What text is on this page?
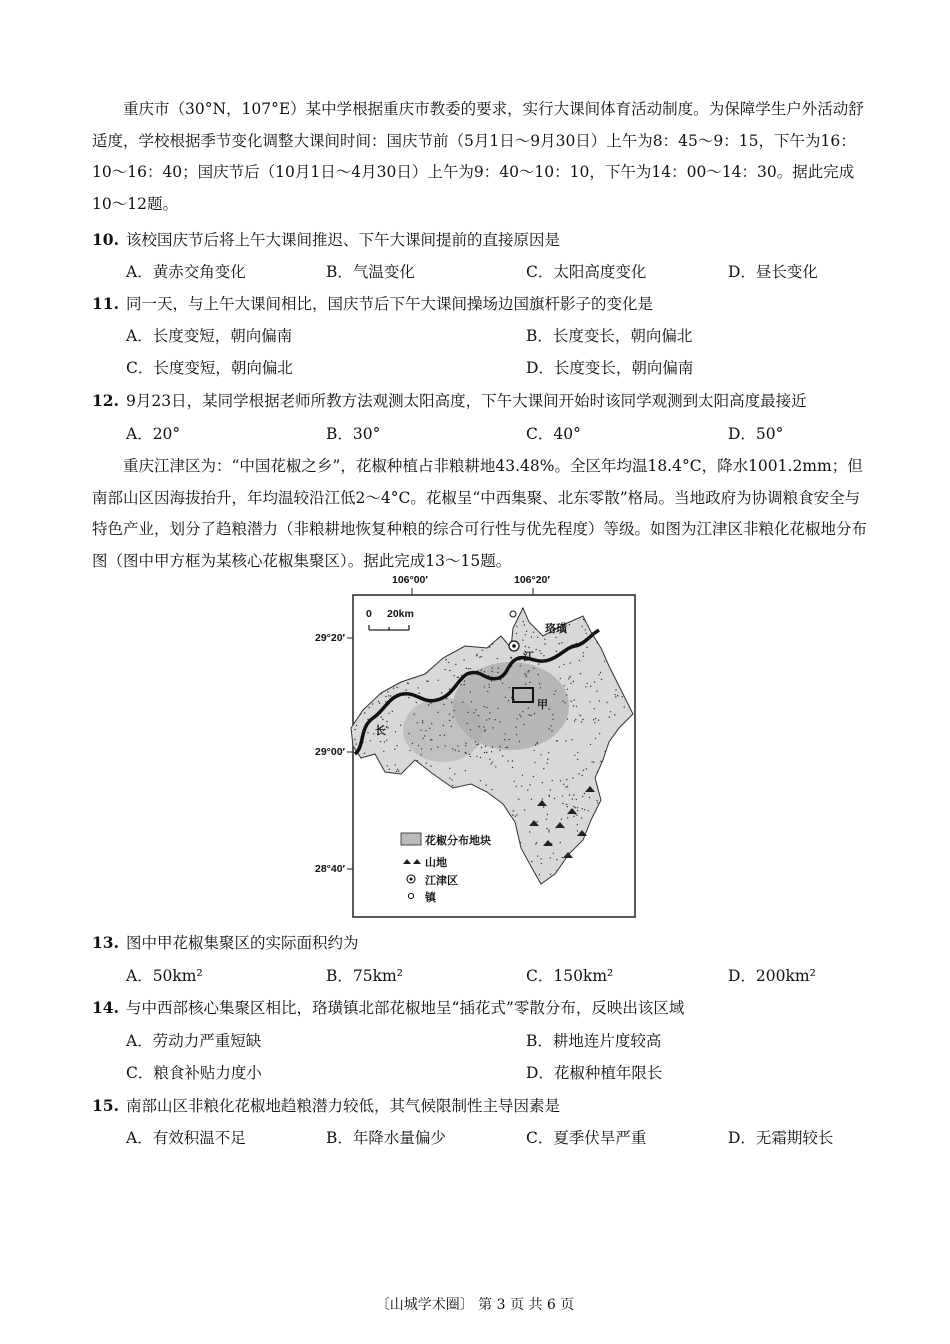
重庆市（30°N，107°E）某中学根据重庆市教委的要求，实行大课间体育活动制度。为保障学生户外活动舒适度，学校根据季节变化调整大课间时间：国庆节前（5月1日～9月30日）上午为8：45～9：15，下午为16：10～16：40；国庆节后（10月1日～4月30日）上午为9：40～10：10，下午为14：00～14：30。据此完成10～12题。
10. 该校国庆节后将上午大课间推迟、下午大课间提前的直接原因是
A．黄赤交角变化	B．气温变化	C．太阳高度变化	D．昼长变化
11. 同一天，与上午大课间相比，国庆节后下午大课间操场边国旗杆影子的变化是
A．长度变短，朝向偏南	B．长度变长，朝向偏北
C．长度变短，朝向偏北	D．长度变长，朝向偏南
12. 9月23日，某同学根据老师所教方法观测太阳高度，下午大课间开始时该同学观测到太阳高度最接近
A．20°	B．30°	C．40°	D．50°
重庆江津区为：“中国花椒之乡”，花椒种植占非粮耕地43.48%。全区年均温18.4°C，降水1001.2mm；但南部山区因海拔抬升，年均温较沿江低2～4°C。花椒呈“中西集聚、北东零散”格局。当地政府为协调粮食安全与特色产业，划分了趋粮潜力（非粮耕地恢复种粮的综合可行性与优先程度）等级。如图为江津区非粮化花椒地分布图（图中甲方框为某核心花椒集聚区）。据此完成13～15题。
106°00′	106°20′
29°20′
29°00′
28°40′
0 20km
珞璜
江
长
甲
花椒分布地块
山地
江津区
镇
13. 图中甲花椒集聚区的实际面积约为
A．50km²	B．75km²	C．150km²	D．200km²
14. 与中西部核心集聚区相比，珞璜镇北部花椒地呈“插花式”零散分布，反映出该区域
A．劳动力严重短缺	B．耕地连片度较高
C．粮食补贴力度小	D．花椒种植年限长
15. 南部山区非粮化花椒地趋粮潜力较低，其气候限制性主导因素是
A．有效积温不足	B．年降水量偏少	C．夏季伏旱严重	D．无霜期较长
〔山城学术圈〕 第 3 页 共 6 页
